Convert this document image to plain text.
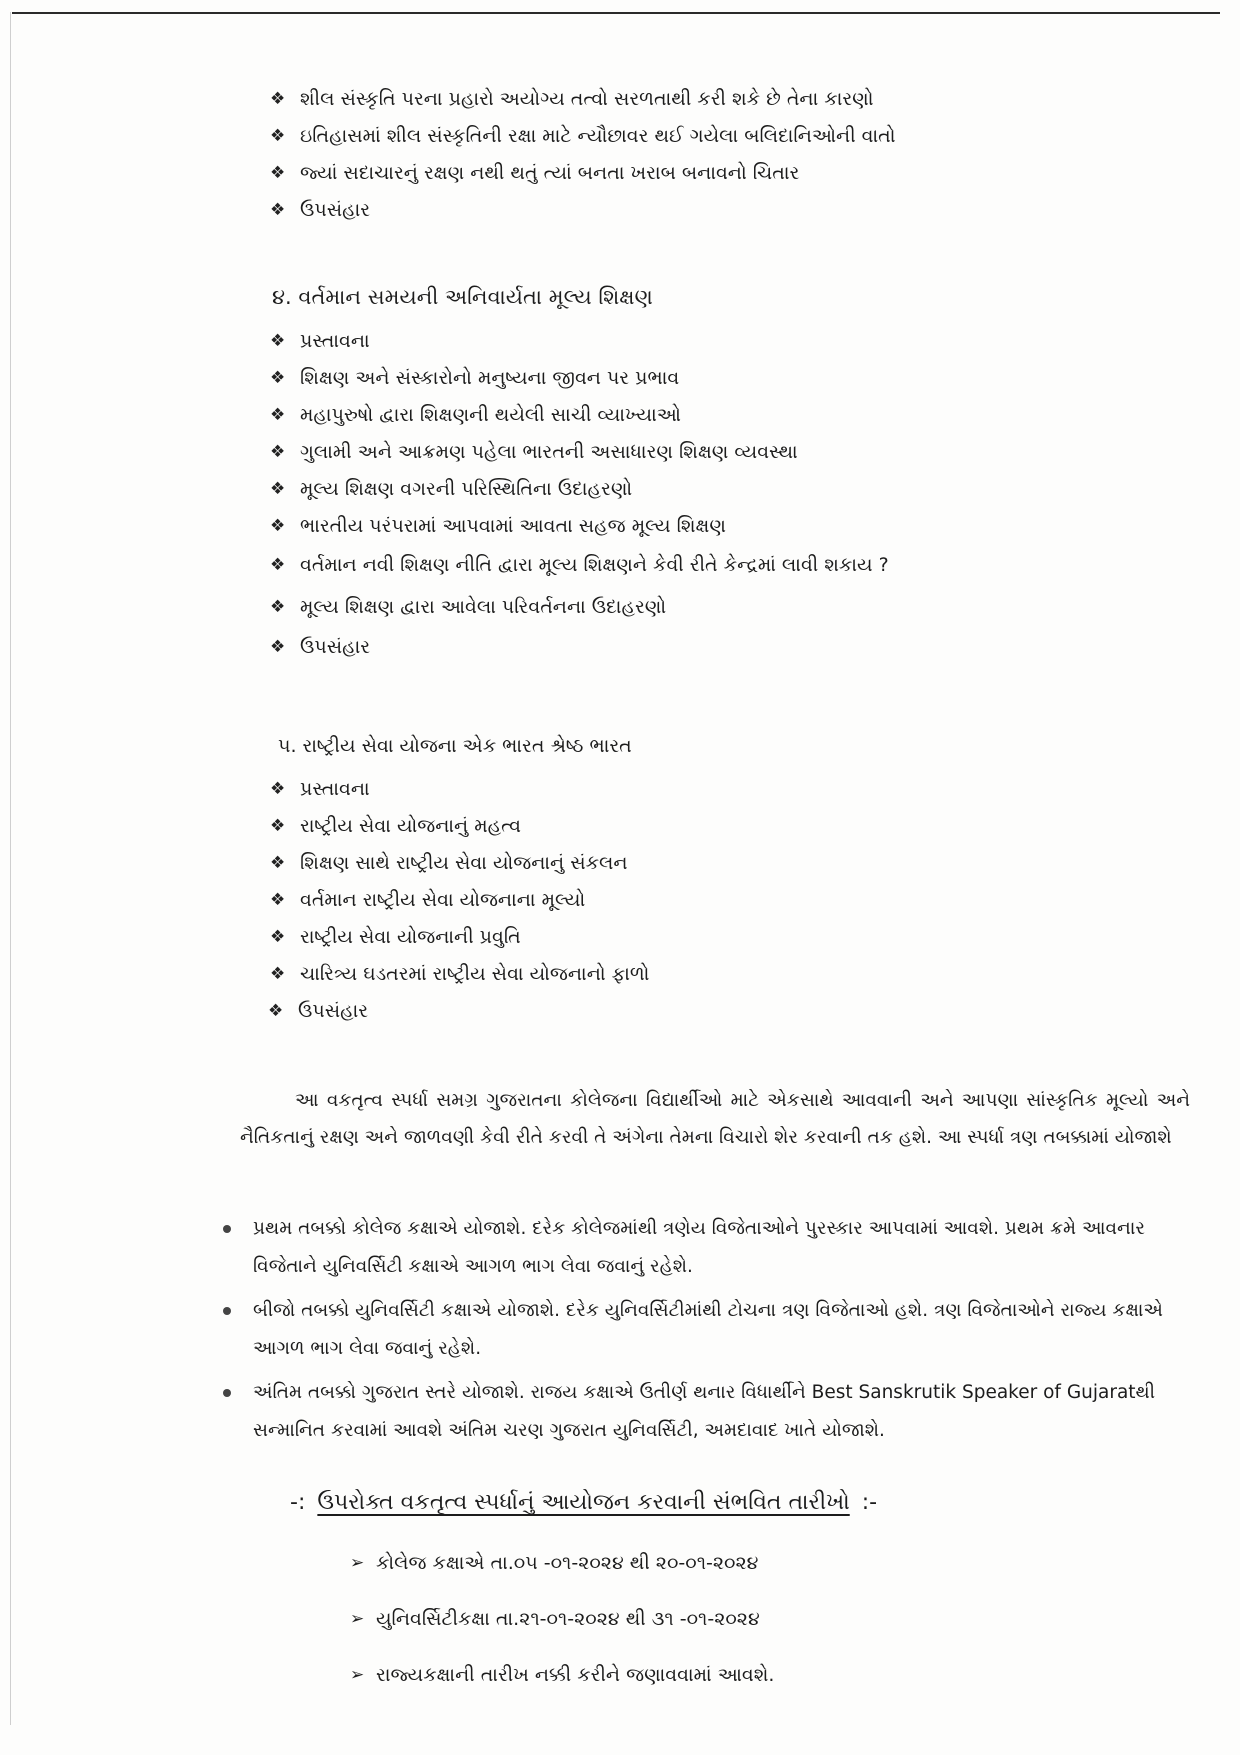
❖ શીલ સંસ્કૃતિ પરના પ્રહારો અયોગ્ય તત્વો સરળતાથી કરી શકે છે તેના કારણો
❖ ઇતિહાસમાં શીલ સંસ્કૃતિની રક્ષા માટે ન્યૌછાવર થઈ ગયેલા બલિદાનિઓની વાતો
❖ જ્યાં સદાચારનું રક્ષણ નથી થતું ત્યાં બનતા ખરાબ બનાવનો ચિતાર
❖ ઉપસંહાર
૪. વર્તમાન સમયની અનિવાર્યતા મૂલ્ય શિક્ષણ
❖ પ્રસ્તાવના
❖ શિક્ષણ અને સંસ્કારોનો મનુષ્યના જીવન પર પ્રભાવ
❖ મહાપુરુષો દ્વારા શિક્ષણની થયેલી સાચી વ્યાખ્યાઓ
❖ ગુલામી અને આક્રમણ પહેલા ભારતની અસાધારણ શિક્ષણ વ્યવસ્થા
❖ મૂલ્ય શિક્ષણ વગરની પરિસ્થિતિના ઉદાહરણો
❖ ભારતીય પરંપરામાં આપવામાં આવતા સહજ મૂલ્ય શિક્ષણ
❖ વર્તમાન નવી શિક્ષણ નીતિ દ્વારા મૂલ્ય શિક્ષણને કેવી રીતે કેન્દ્રમાં લાવી શકાય ?
❖ મૂલ્ય શિક્ષણ દ્વારા આવેલા પરિવર્તનના ઉદાહરણો
❖ ઉપસંહાર
૫. રાષ્ટ્રીય સેવા યોજના એક ભારત શ્રેષ્ઠ ભારત
❖ પ્રસ્તાવના
❖ રાષ્ટ્રીય સેવા યોજનાનું મહત્વ
❖ શિક્ષણ સાથે રાષ્ટ્રીય સેવા યોજનાનું સંકલન
❖ વર્તમાન રાષ્ટ્રીય સેવા યોજનાના મૂલ્યો
❖ રાષ્ટ્રીય સેવા યોજનાની પ્રવુતિ
❖ ચારિત્ર્ય ઘડતરમાં રાષ્ટ્રીય સેવા યોજનાનો ફાળો
❖ ઉપસંહાર
આ વકતૃત્વ સ્પર્ધા સમગ્ર ગુજરાતના કોલેજના વિદ્યાર્થીઓ માટે એકસાથે આવવાની અને આપણા સાંસ્કૃતિક મૂલ્યો અને નૈતિકતાનું રક્ષણ અને જાળવણી કેવી રીતે કરવી તે અંગેના તેમના વિચારો શેર કરવાની તક હશે. આ સ્પર્ધા ત્રણ તબક્કામાં યોજાશે
પ્રથમ તબક્કો કોલેજ કક્ષાએ યોજાશે. દરેક કોલેજમાંથી ત્રણેય વિજેતાઓને પુરસ્કાર આપવામાં આવશે. પ્રથમ ક્રમે આવનાર વિજેતાને યુનિવર્સિટી કક્ષાએ આગળ ભાગ લેવા જવાનું રહેશે.
બીજો તબક્કો યુનિવર્સિટી કક્ષાએ યોજાશે. દરેક યુનિવર્સિટીમાંથી ટોચના ત્રણ વિજેતાઓ હશે. ત્રણ વિજેતાઓને રાજ્ય કક્ષાએ આગળ ભાગ લેવા જવાનું રહેશે.
અંતિમ તબક્કો ગુજરાત સ્તરે યોજાશે. રાજય કક્ષાએ ઉતીર્ણ થનાર વિધાર્થીને Best Sanskrutik Speaker of Gujaratથી સન્માનિત કરવામાં આવશે અંતિમ ચરણ ગુજરાત યુનિવર્સિટી, અમદાવાદ ખાતે યોજાશે.
-: ઉપરોક્ત વકતૃત્વ સ્પર્ધાનું આયોજન કરવાની સંભવિત તારીખો :-
➢ કોલેજ કક્ષાએ તા.૦૫ -૦૧-૨૦૨૪ થી ૨૦-૦૧-૨૦૨૪
➢ યુનિવર્સિટીકક્ષા તા.૨૧-૦૧-૨૦૨૪ થી ૩૧ -૦૧-૨૦૨૪
➢ રાજ્યકક્ષાની તારીખ નક્કી કરીને જણાવવામાં આવશે.
